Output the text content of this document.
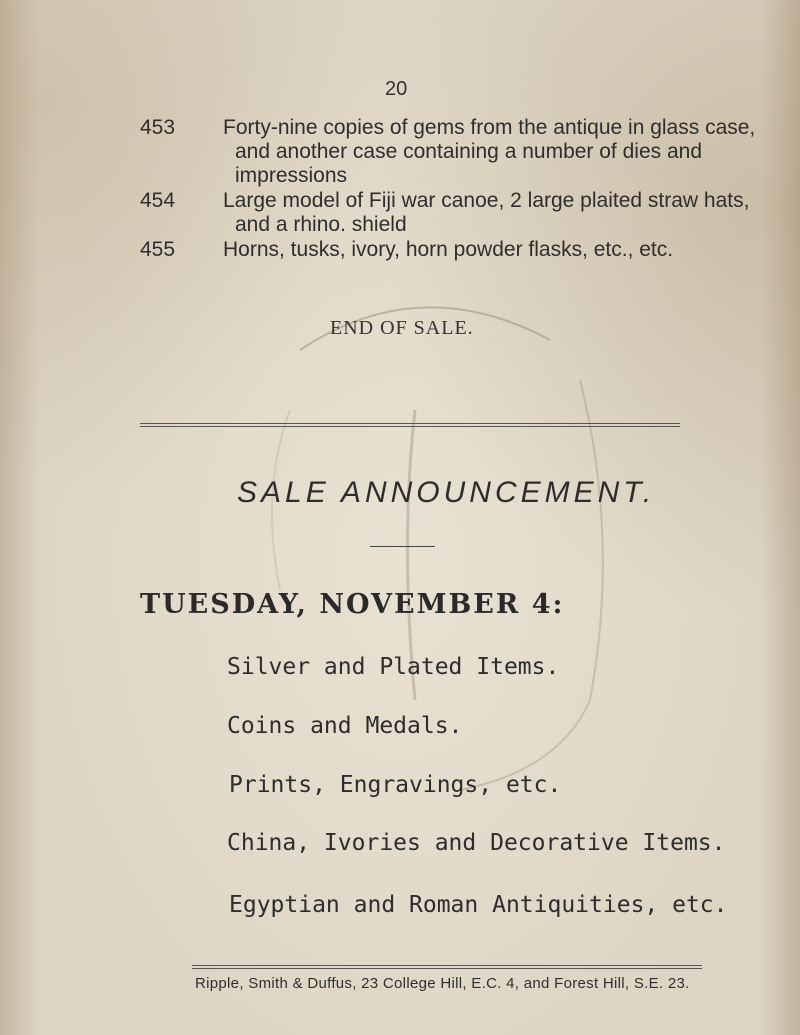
20
453 Forty-nine copies of gems from the antique in glass case,
and another case containing a number of dies and
impressions
454 Large model of Fiji war canoe, 2 large plaited straw hats,
and a rhino. shield
455 Horns, tusks, ivory, horn powder flasks, etc., etc.
END OF SALE.
SALE ANNOUNCEMENT.
TUESDAY, NOVEMBER 4:
Silver and Plated Items.
Coins and Medals.
Prints, Engravings, etc.
China, Ivories and Decorative Items.
Egyptian and Roman Antiquities, etc.
Ripple, Smith & Duffus, 23 College Hill, E.C. 4, and Forest Hill, S.E. 23.
